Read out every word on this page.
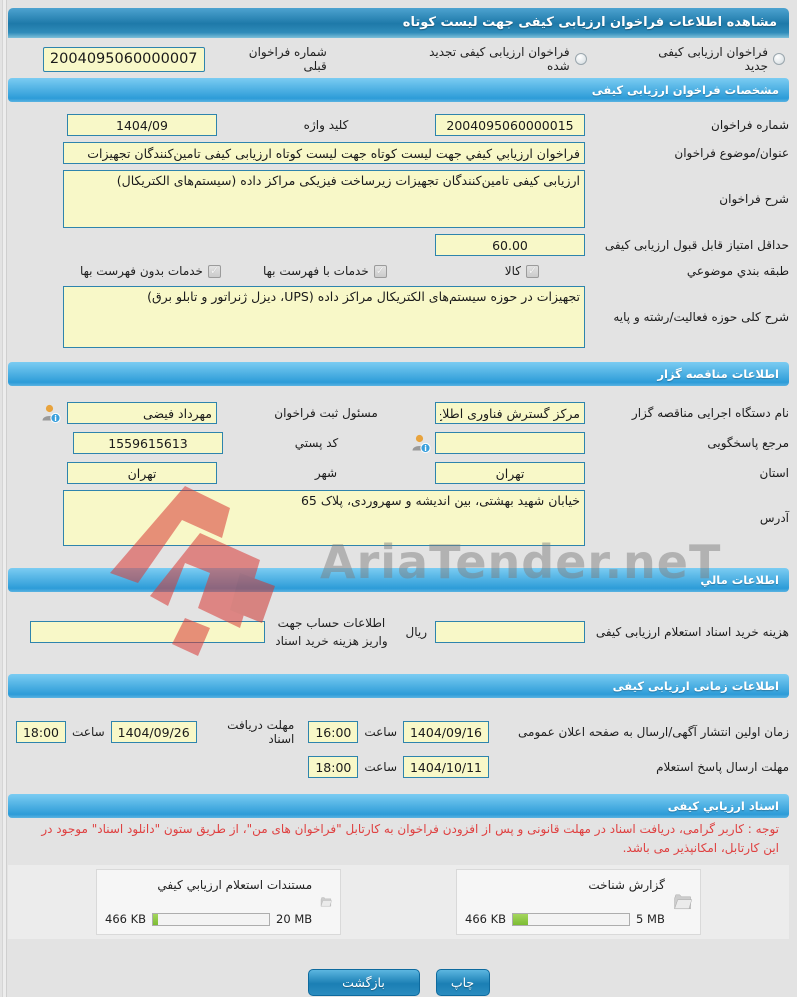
مشاهده اطلاعات فراخوان ارزیابی کیفی جهت لیست کوتاه
فراخوان ارزیابی کیفی جدید
فراخوان ارزیابی کیفی تجدید شده
شماره فراخوان قبلی
2004095060000007
مشخصات فراخوان ارزیابی کیفی
شماره فراخوان
2004095060000015
کلید واژه
1404/09
عنوان/موضوع فراخوان
فراخوان ارزيابي کيفي جهت لیست کوتاه جهت لیست کوتاه ارزیابی کیفی تامین‌کنندگان تجهیزات
شرح فراخوان
ارزیابی کیفی تامین‌کنندگان تجهیزات زیرساخت فیزیکی مراکز داده (سیستم‌های الکتریکال)
حداقل امتیاز قابل قبول ارزیابی کیفی
60.00
طبقه بندي موضوعي
✓
کالا
✓
خدمات با فهرست بها
✓
خدمات بدون فهرست بها
شرح کلی حوزه فعالیت/رشته و پایه
تجهیزات در حوزه سیستم‌های الکتریکال مراکز داده (UPS، دیزل ژنراتور و تابلو برق)
اطلاعات مناقصه گزار
نام دستگاه اجرایی مناقصه گزار
مرکز گسترش فناوری اطلاع
مسئول ثبت فراخوان
مهرداد فیضی
i
مرجع پاسخگویی
i
کد پستي
1559615613
استان
تهران
شهر
تهران
آدرس
خیابان شهید بهشتی، بین اندیشه و سهروردی، پلاک 65
اطلاعات مالي
هزینه خرید اسناد استعلام ارزیابی کیفی
ریال
اطلاعات حساب جهت واریز هزینه خرید اسناد
اطلاعات زمانی ارزیابی کیفی
زمان اولین انتشار آگهی/ارسال به صفحه اعلان عمومی
1404/09/16
ساعت
16:00
مهلت دریافت اسناد
1404/09/26
ساعت
18:00
مهلت ارسال پاسخ استعلام
1404/10/11
ساعت
18:00
اسناد ارزيابي کیفی
توجه : کاربر گرامی، دریافت اسناد در مهلت قانونی و پس از افزودن فراخوان به کارتابل "فراخوان های من"، از طریق ستون "دانلود اسناد" موجود در این کارتابل، امکانپذیر می باشد.
گزارش شناخت
466 KB	5 MB
مستندات استعلام ارزيابي کيفي
466 KB	20 MB
چاپ
بازگشت
AriaTender.neT
